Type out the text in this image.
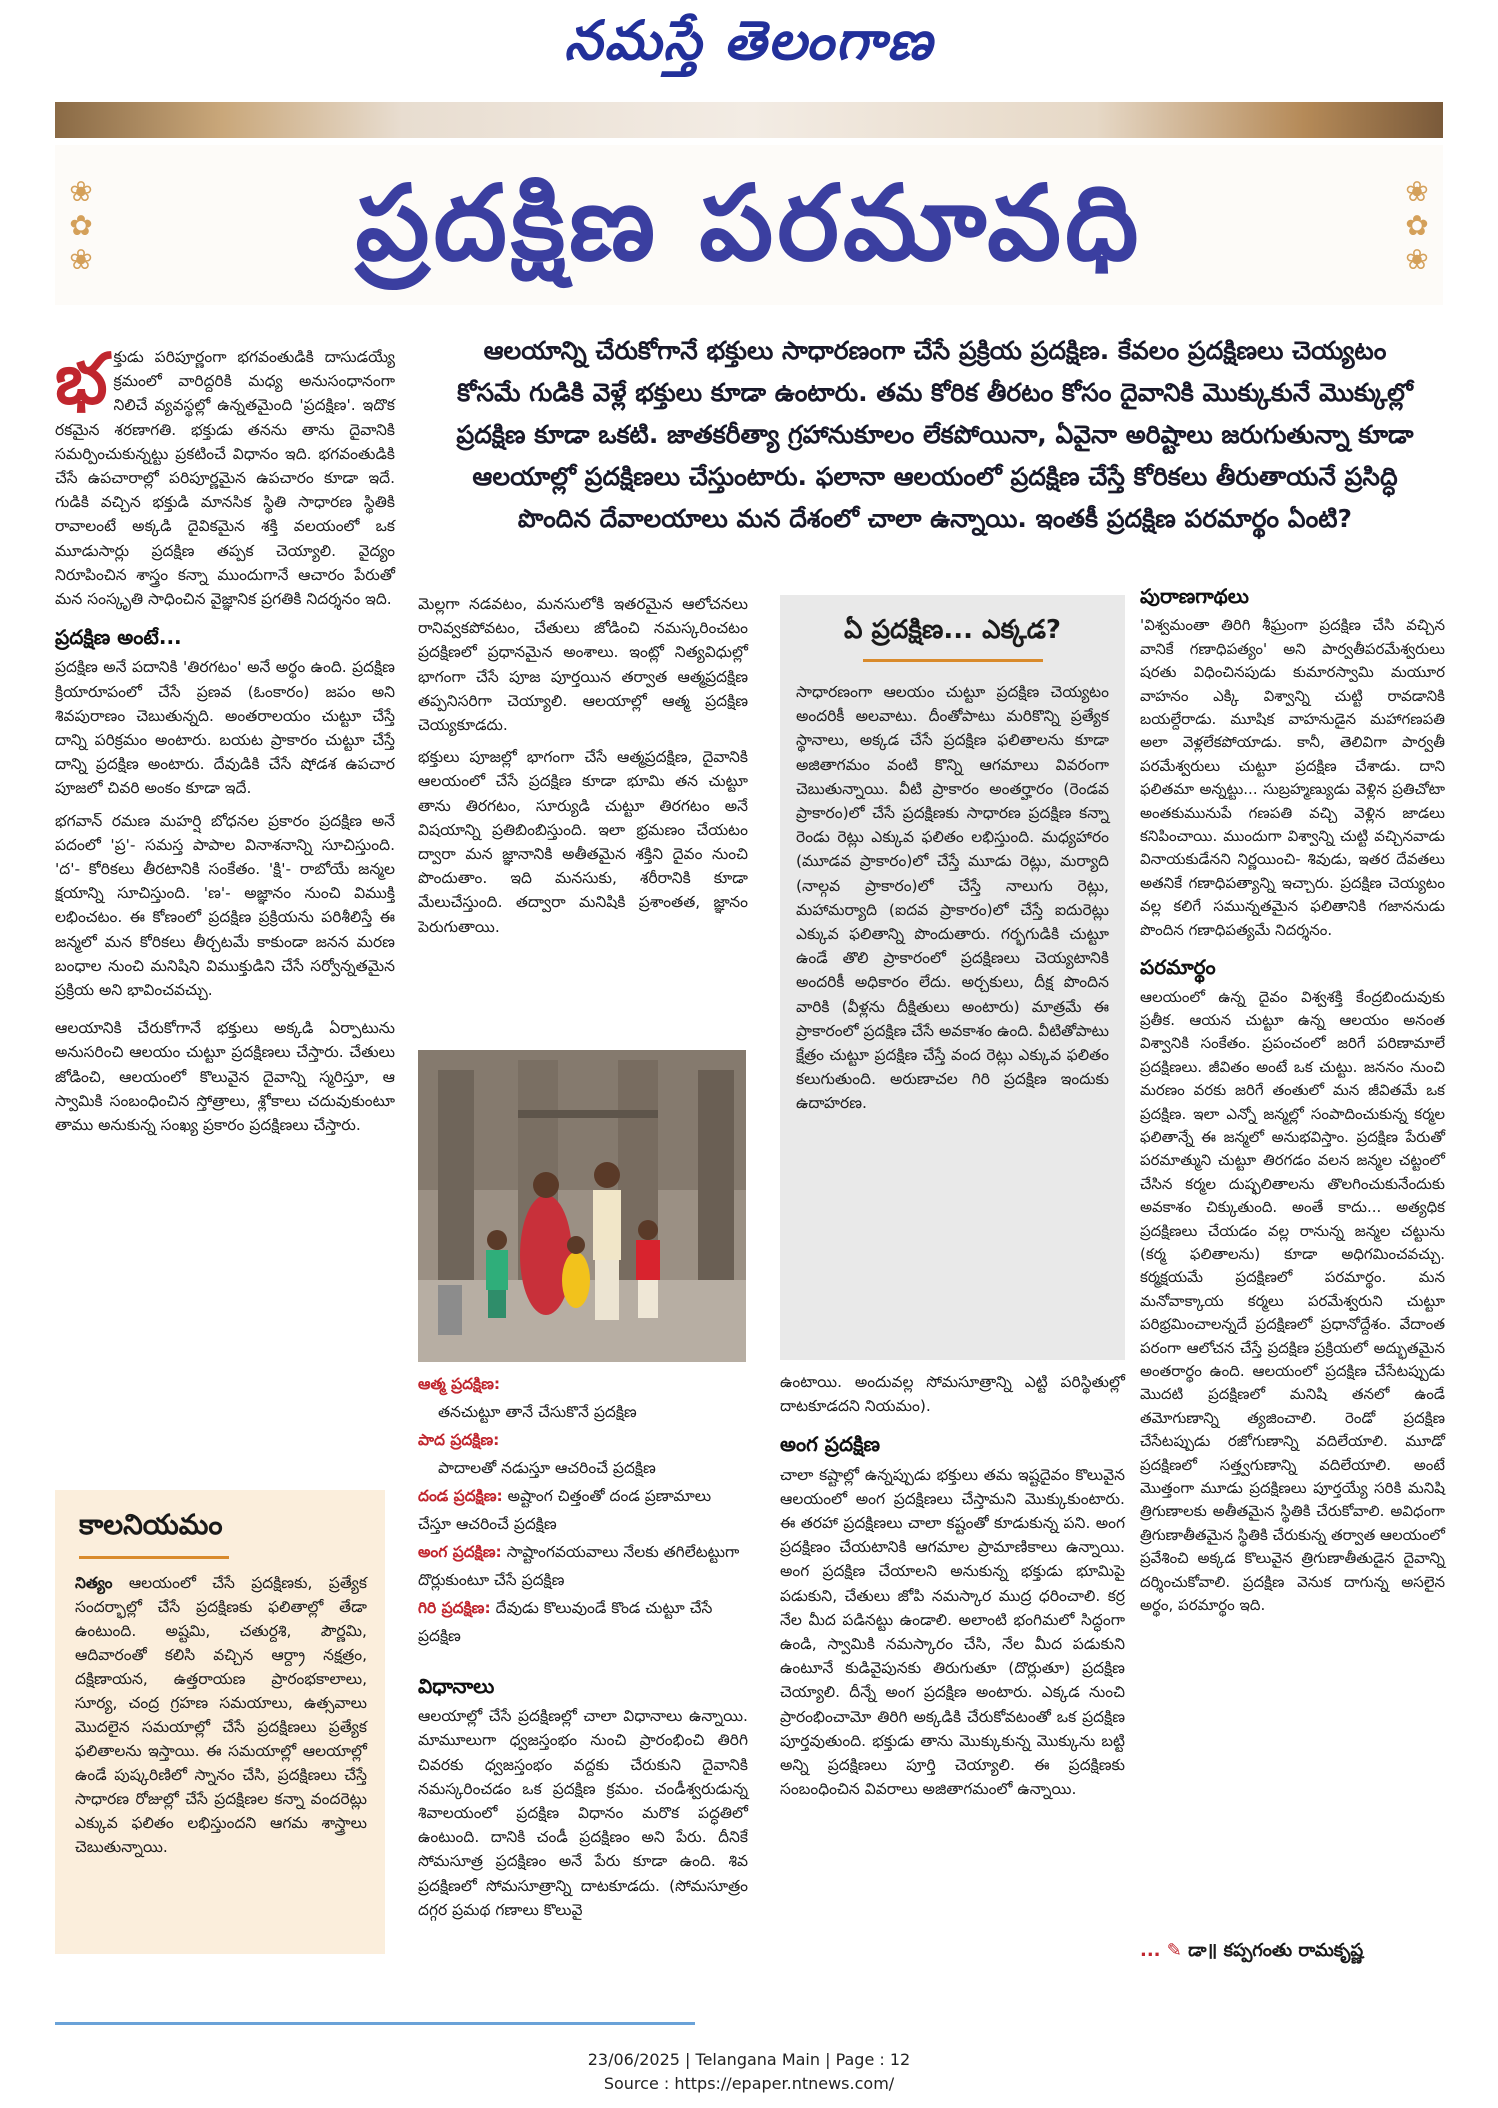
నమస్తే తెలంగాణ
❀
✿
❀	ప్రదక్షిణ పరమావధి	❀
✿
❀

ఆలయాన్ని చేరుకోగానే భక్తులు సాధారణంగా చేసే ప్రక్రియ ప్రదక్షిణ. కేవలం ప్రదక్షిణలు చెయ్యటం

కోసమే గుడికి వెళ్లే భక్తులు కూడా ఉంటారు. తమ కోరిక తీరటం కోసం దైవానికి మొక్కుకునే మొక్కుల్లో

ప్రదక్షిణ కూడా ఒకటి. జాతకరీత్యా గ్రహానుకూలం లేకపోయినా, ఏవైనా అరిష్టాలు జరుగుతున్నా కూడా

ఆలయాల్లో ప్రదక్షిణలు చేస్తుంటారు. ఫలానా ఆలయంలో ప్రదక్షిణ చేస్తే కోరికలు తీరుతాయనే ప్రసిద్ధి

పొందిన దేవాలయాలు మన దేశంలో చాలా ఉన్నాయి. ఇంతకీ ప్రదక్షిణ పరమార్థం ఏంటి?

భక్తుడు పరిపూర్ణంగా భగవంతుడికి దాసుడయ్యే క్రమంలో వారిద్దరికి మధ్య అనుసంధానంగా నిలిచే వ్యవస్థల్లో ఉన్నతమైంది 'ప్రదక్షిణ'. ఇదొక రకమైన శరణాగతి. భక్తుడు తనను తాను దైవానికి సమర్పించుకున్నట్టు ప్రకటించే విధానం ఇది. భగవంతుడికి చేసే ఉపచారాల్లో పరిపూర్ణమైన ఉపచారం కూడా ఇదే. గుడికి వచ్చిన భక్తుడి మానసిక స్థితి సాధారణ స్థితికి రావాలంటే అక్కడి దైవికమైన శక్తి వలయంలో ఒక మూడుసార్లు ప్రదక్షిణ తప్పక చెయ్యాలి. వైద్యం నిరూపించిన శాస్త్రం కన్నా ముందుగానే ఆచారం పేరుతో మన సంస్కృతి సాధించిన వైజ్ఞానిక ప్రగతికి నిదర్శనం ఇది.

ప్రదక్షిణ అంటే...

ప్రదక్షిణ అనే పదానికి 'తిరగటం' అనే అర్థం ఉంది. ప్రదక్షిణ క్రియారూపంలో చేసే ప్రణవ (ఓంకారం) జపం అని శివపురాణం చెబుతున్నది. అంతరాలయం చుట్టూ చేస్తే దాన్ని పరిక్రమం అంటారు. బయట ప్రాకారం చుట్టూ చేస్తే దాన్ని ప్రదక్షిణ అంటారు. దేవుడికి చేసే షోడశ ఉపచార పూజలో చివరి అంకం కూడా ఇదే.

భగవాన్ రమణ మహర్షి బోధనల ప్రకారం ప్రదక్షిణ అనే పదంలో 'ప్ర'- సమస్త పాపాల వినాశనాన్ని సూచిస్తుంది. 'ద'- కోరికలు తీరటానికి సంకేతం. 'క్షి'- రాబోయే జన్మల క్షయాన్ని సూచిస్తుంది. 'ణ'- అజ్ఞానం నుంచి విముక్తి లభించటం. ఈ కోణంలో ప్రదక్షిణ ప్రక్రియను పరిశీలిస్తే ఈ జన్మలో మన కోరికలు తీర్చటమే కాకుండా జనన మరణ బంధాల నుంచి మనిషిని విముక్తుడిని చేసే సర్వోన్నతమైన ప్రక్రియ అని భావించవచ్చు.

ఆలయానికి చేరుకోగానే భక్తులు అక్కడి ఏర్పాటును అనుసరించి ఆలయం చుట్టూ ప్రదక్షిణలు చేస్తారు. చేతులు జోడించి, ఆలయంలో కొలువైన దైవాన్ని స్మరిస్తూ, ఆ స్వామికి సంబంధించిన స్తోత్రాలు, శ్లోకాలు చదువుకుంటూ తాము అనుకున్న సంఖ్య ప్రకారం ప్రదక్షిణలు చేస్తారు.

కాలనియమం
నిత్యం ఆలయంలో చేసే ప్రదక్షిణకు, ప్రత్యేక సందర్భాల్లో చేసే ప్రదక్షిణకు ఫలితాల్లో తేడా ఉంటుంది. అష్టమి, చతుర్దశి, పౌర్ణమి, ఆదివారంతో కలిసి వచ్చిన ఆర్ద్రా నక్షత్రం, దక్షిణాయన, ఉత్తరాయణ ప్రారంభకాలాలు, సూర్య, చంద్ర గ్రహణ సమయాలు, ఉత్సవాలు మొదలైన సమయాల్లో చేసే ప్రదక్షిణలు ప్రత్యేక ఫలితాలను ఇస్తాయి. ఈ సమయాల్లో ఆలయాల్లో ఉండే పుష్కరిణిలో స్నానం చేసి, ప్రదక్షిణలు చేస్తే సాధారణ రోజుల్లో చేసే ప్రదక్షిణల కన్నా వందరెట్లు ఎక్కువ ఫలితం లభిస్తుందని ఆగమ శాస్త్రాలు చెబుతున్నాయి.

మెల్లగా నడవటం, మనసులోకి ఇతరమైన ఆలోచనలు రానివ్వకపోవటం, చేతులు జోడించి నమస్కరించటం ప్రదక్షిణలో ప్రధానమైన అంశాలు. ఇంట్లో నిత్యవిధుల్లో భాగంగా చేసే పూజ పూర్తయిన తర్వాత ఆత్మప్రదక్షిణ తప్పనిసరిగా చెయ్యాలి. ఆలయాల్లో ఆత్మ ప్రదక్షిణ చెయ్యకూడదు.

భక్తులు పూజల్లో భాగంగా చేసే ఆత్మప్రదక్షిణ, దైవానికి ఆలయంలో చేసే ప్రదక్షిణ కూడా భూమి తన చుట్టూ తాను తిరగటం, సూర్యుడి చుట్టూ తిరగటం అనే విషయాన్ని ప్రతిబింబిస్తుంది. ఇలా భ్రమణం చేయటం ద్వారా మన జ్ఞానానికి అతీతమైన శక్తిని దైవం నుంచి పొందుతాం. ఇది మనసుకు, శరీరానికి కూడా మేలుచేస్తుంది. తద్వారా మనిషికి ప్రశాంతత, జ్ఞానం పెరుగుతాయి.

ఆత్మ ప్రదక్షిణ:
తనచుట్టూ తానే చేసుకొనే ప్రదక్షిణ
పాద ప్రదక్షిణ:
పాదాలతో నడుస్తూ ఆచరించే ప్రదక్షిణ
దండ ప్రదక్షిణ: అష్టాంగ చిత్తంతో దండ ప్రణామాలు చేస్తూ ఆచరించే ప్రదక్షిణ
అంగ ప్రదక్షిణ: సాష్టాంగవయవాలు నేలకు తగిలేటట్టుగా దొర్లుకుంటూ చేసే ప్రదక్షిణ
గిరి ప్రదక్షిణ: దేవుడు కొలువుండే కొండ చుట్టూ చేసే ప్రదక్షిణ
విధానాలు

ఆలయాల్లో చేసే ప్రదక్షిణల్లో చాలా విధానాలు ఉన్నాయి. మామూలుగా ధ్వజస్తంభం నుంచి ప్రారంభించి తిరిగి చివరకు ధ్వజస్తంభం వద్దకు చేరుకుని దైవానికి నమస్కరించడం ఒక ప్రదక్షిణ క్రమం. చండీశ్వరుడున్న శివాలయంలో ప్రదక్షిణ విధానం మరొక పద్ధతిలో ఉంటుంది. దానికి చండీ ప్రదక్షిణం అని పేరు. దీనికే సోమసూత్ర ప్రదక్షిణం అనే పేరు కూడా ఉంది. శివ ప్రదక్షిణలో సోమసూత్రాన్ని దాటకూడదు. (సోమసూత్రం దగ్గర ప్రమథ గణాలు కొలువై

ఏ ప్రదక్షిణ... ఎక్కడ?
సాధారణంగా ఆలయం చుట్టూ ప్రదక్షిణ చెయ్యటం అందరికీ అలవాటు. దీంతోపాటు మరికొన్ని ప్రత్యేక స్థానాలు, అక్కడ చేసే ప్రదక్షిణ ఫలితాలను కూడా అజితాగమం వంటి కొన్ని ఆగమాలు వివరంగా చెబుతున్నాయి. వీటి ప్రాకారం అంతర్హారం (రెండవ ప్రాకారం)లో చేసే ప్రదక్షిణకు సాధారణ ప్రదక్షిణ కన్నా రెండు రెట్లు ఎక్కువ ఫలితం లభిస్తుంది. మధ్యహారం (మూడవ ప్రాకారం)లో చేస్తే మూడు రెట్లు, మర్యాది (నాల్గవ ప్రాకారం)లో చేస్తే నాలుగు రెట్లు, మహామర్యాది (ఐదవ ప్రాకారం)లో చేస్తే ఐదురెట్లు ఎక్కువ ఫలితాన్ని పొందుతారు. గర్భగుడికి చుట్టూ ఉండే తొలి ప్రాకారంలో ప్రదక్షిణలు చెయ్యటానికి అందరికీ అధికారం లేదు. అర్చకులు, దీక్ష పొందిన వారికి (వీళ్లను దీక్షితులు అంటారు) మాత్రమే ఈ ప్రాకారంలో ప్రదక్షిణ చేసే అవకాశం ఉంది. వీటితోపాటు క్షేత్రం చుట్టూ ప్రదక్షిణ చేస్తే వంద రెట్లు ఎక్కువ ఫలితం కలుగుతుంది. అరుణాచల గిరి ప్రదక్షిణ ఇందుకు ఉదాహరణ.

ఉంటాయి. అందువల్ల సోమసూత్రాన్ని ఎట్టి పరిస్థితుల్లో దాటకూడదని నియమం).

అంగ ప్రదక్షిణ

చాలా కష్టాల్లో ఉన్నప్పుడు భక్తులు తమ ఇష్టదైవం కొలువైన ఆలయంలో అంగ ప్రదక్షిణలు చేస్తామని మొక్కుకుంటారు. ఈ తరహా ప్రదక్షిణలు చాలా కష్టంతో కూడుకున్న పని. అంగ ప్రదక్షిణం చేయటానికి ఆగమాల ప్రామాణికాలు ఉన్నాయి. అంగ ప్రదక్షిణ చేయాలని అనుకున్న భక్తుడు భూమిపై పడుకుని, చేతులు జోపి నమస్కార ముద్ర ధరించాలి. కర్ర నేల మీద పడినట్టు ఉండాలి. అలాంటి భంగిమలో సిద్ధంగా ఉండి, స్వామికి నమస్కారం చేసి, నేల మీద పడుకుని ఉంటూనే కుడివైపునకు తిరుగుతూ (దొర్లుతూ) ప్రదక్షిణ చెయ్యాలి. దీన్నే అంగ ప్రదక్షిణ అంటారు. ఎక్కడ నుంచి ప్రారంభించామో తిరిగి అక్కడికి చేరుకోవటంతో ఒక ప్రదక్షిణ పూర్తవుతుంది. భక్తుడు తాను మొక్కుకున్న మొక్కును బట్టి అన్ని ప్రదక్షిణలు పూర్తి చెయ్యాలి. ఈ ప్రదక్షిణకు సంబంధించిన వివరాలు అజితాగమంలో ఉన్నాయి.

పురాణగాథలు

'విశ్వమంతా తిరిగి శీఘ్రంగా ప్రదక్షిణ చేసి వచ్చిన వానికే గణాధిపత్యం' అని పార్వతీపరమేశ్వరులు షరతు విధించినపుడు కుమారస్వామి మయూర వాహనం ఎక్కి విశ్వాన్ని చుట్టి రావడానికి బయల్దేరాడు. మూషిక వాహనుడైన మహాగణపతి అలా వెళ్లలేకపోయాడు. కానీ, తెలివిగా పార్వతీ పరమేశ్వరులు చుట్టూ ప్రదక్షిణ చేశాడు. దాని ఫలితమా అన్నట్టు... సుబ్రహ్మణ్యుడు వెళ్లిన ప్రతిచోటా అంతకుమునుపే గణపతి వచ్చి వెళ్లిన జాడలు కనిపించాయి. ముందుగా విశ్వాన్ని చుట్టి వచ్చినవాడు వినాయకుడేనని నిర్ణయించి- శివుడు, ఇతర దేవతలు అతనికే గణాధిపత్యాన్ని ఇచ్చారు. ప్రదక్షిణ చెయ్యటం వల్ల కలిగే సమున్నతమైన ఫలితానికి గజాననుడు పొందిన గణాధిపత్యమే నిదర్శనం.

పరమార్థం

ఆలయంలో ఉన్న దైవం విశ్వశక్తి కేంద్రబిందువుకు ప్రతీక. ఆయన చుట్టూ ఉన్న ఆలయం అనంత విశ్వానికి సంకేతం. ప్రపంచంలో జరిగే పరిణామాలే ప్రదక్షిణలు. జీవితం అంటే ఒక చుట్టు. జననం నుంచి మరణం వరకు జరిగే తంతులో మన జీవితమే ఒక ప్రదక్షిణ. ఇలా ఎన్నో జన్మల్లో సంపాదించుకున్న కర్మల ఫలితాన్నే ఈ జన్మలో అనుభవిస్తాం. ప్రదక్షిణ పేరుతో పరమాత్ముని చుట్టూ తిరగడం వలన జన్మల చట్టంలో చేసిన కర్మల దుష్ఫలితాలను తొలగించుకునేందుకు అవకాశం చిక్కుతుంది. అంతే కాదు... అత్యధిక ప్రదక్షిణలు చేయడం వల్ల రానున్న జన్మల చట్టును (కర్మ ఫలితాలను) కూడా అధిగమించవచ్చు. కర్మక్షయమే ప్రదక్షిణలో పరమార్థం. మన మనోవాక్కాయ కర్మలు పరమేశ్వరుని చుట్టూ పరిభ్రమించాలన్నదే ప్రదక్షిణలో ప్రధానోద్దేశం. వేదాంత పరంగా ఆలోచన చేస్తే ప్రదక్షిణ ప్రక్రియలో అద్భుతమైన అంతరార్థం ఉంది. ఆలయంలో ప్రదక్షిణ చేసేటప్పుడు మొదటి ప్రదక్షిణలో మనిషి తనలో ఉండే తమోగుణాన్ని త్యజించాలి. రెండో ప్రదక్షిణ చేసేటప్పుడు రజోగుణాన్ని వదిలేయాలి. మూడో ప్రదక్షిణలో సత్త్వగుణాన్ని వదిలేయాలి. అంటే మొత్తంగా మూడు ప్రదక్షిణలు పూర్తయ్యే సరికి మనిషి త్రిగుణాలకు అతీతమైన స్థితికి చేరుకోవాలి. అవిధంగా త్రిగుణాతీతమైన స్థితికి చేరుకున్న తర్వాత ఆలయంలో ప్రవేశించి అక్కడ కొలువైన త్రిగుణాతీతుడైన దైవాన్ని దర్శించుకోవాలి. ప్రదక్షిణ వెనుక దాగున్న అసలైన అర్థం, పరమార్థం ఇది.

... ✎ డా॥ కప్పగంతు రామకృష్ణ
23/06/2025 | Telangana Main | Page : 12
Source : https://epaper.ntnews.com/
